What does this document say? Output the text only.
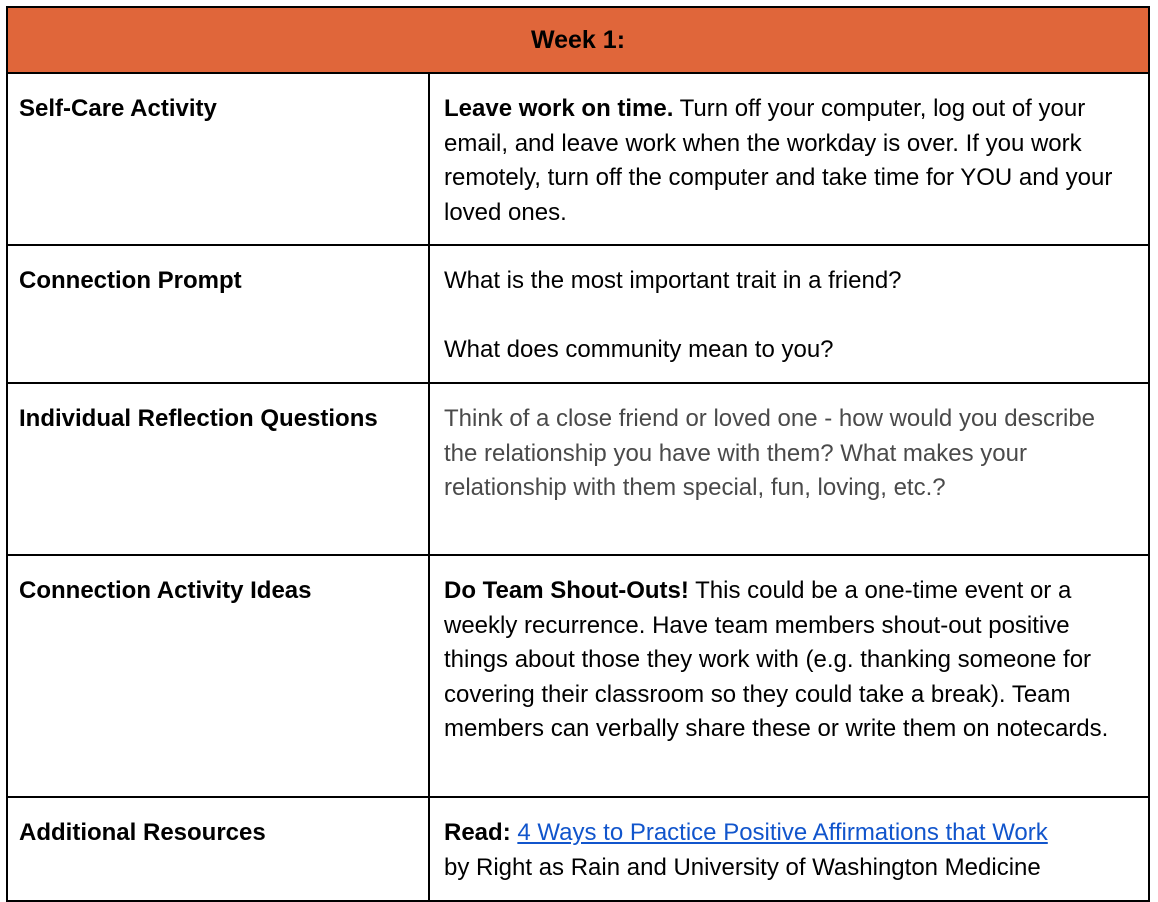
Week 1:
Self-Care Activity	Leave work on time. Turn off your computer, log out of your email, and leave work when the workday is over. If you work remotely, turn off the computer and take time for YOU and your loved ones.
Connection Prompt	What is the most important trait in a friend?
What does community mean to you?
Individual Reflection Questions	Think of a close friend or loved one - how would you describe the relationship you have with them? What makes your relationship with them special, fun, loving, etc.?
Connection Activity Ideas	Do Team Shout-Outs! This could be a one-time event or a weekly recurrence. Have team members shout-out positive things about those they work with (e.g. thanking someone for covering their classroom so they could take a break). Team members can verbally share these or write them on notecards.
Additional Resources	Read: 4 Ways to Practice Positive Affirmations that Work
by Right as Rain and University of Washington Medicine
